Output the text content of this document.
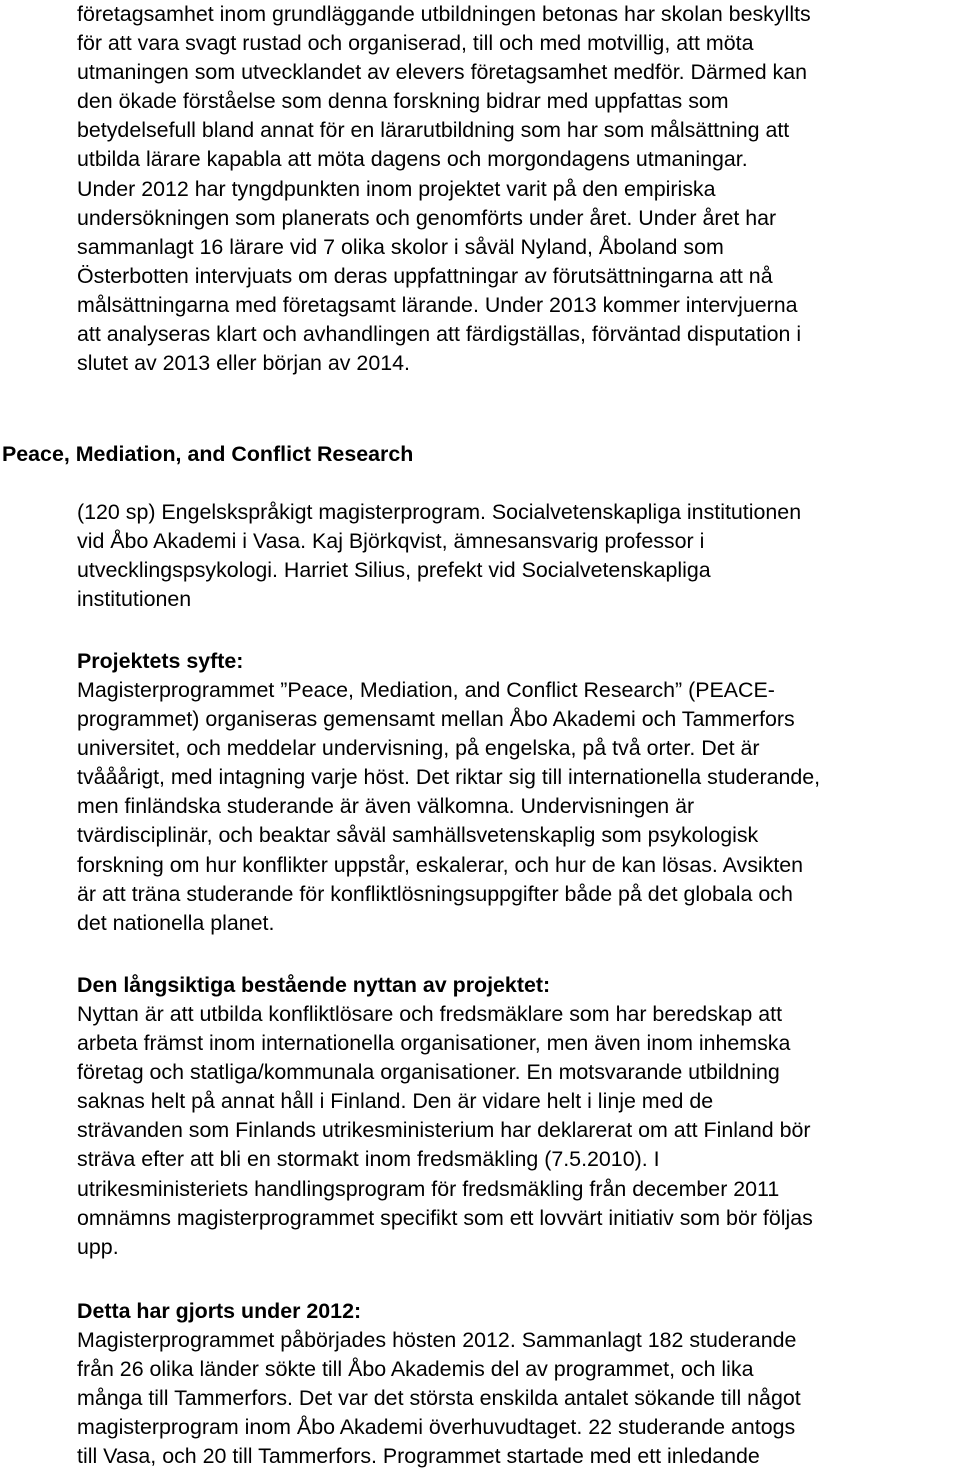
företagsamhet inom grundläggande utbildningen betonas har skolan beskyllts
för att vara svagt rustad och organiserad, till och med motvillig, att möta
utmaningen som utvecklandet av elevers företagsamhet medför. Därmed kan
den ökade förståelse som denna forskning bidrar med uppfattas som
betydelsefull bland annat för en lärarutbildning som har som målsättning att
utbilda lärare kapabla att möta dagens och morgondagens utmaningar.
Under 2012 har tyngdpunkten inom projektet varit på den empiriska
undersökningen som planerats och genomförts under året. Under året har
sammanlagt 16 lärare vid 7 olika skolor i såväl Nyland, Åboland som
Österbotten intervjuats om deras uppfattningar av förutsättningarna att nå
målsättningarna med företagsamt lärande. Under 2013 kommer intervjuerna
att analyseras klart och avhandlingen att färdigställas, förväntad disputation i
slutet av 2013 eller början av 2014.
Peace, Mediation, and Conflict Research
(120 sp) Engelskspråkigt magisterprogram. Socialvetenskapliga institutionen
vid Åbo Akademi i Vasa. Kaj Björkqvist, ämnesansvarig professor i
utvecklingspsykologi. Harriet Silius, prefekt vid Socialvetenskapliga
institutionen
Projektets syfte:
Magisterprogrammet ”Peace, Mediation, and Conflict Research” (PEACE-
programmet) organiseras gemensamt mellan Åbo Akademi och Tammerfors
universitet, och meddelar undervisning, på engelska, på två orter. Det är
tvååårigt, med intagning varje höst. Det riktar sig till internationella studerande,
men finländska studerande är även välkomna. Undervisningen är
tvärdisciplinär, och beaktar såväl samhällsvetenskaplig som psykologisk
forskning om hur konflikter uppstår, eskalerar, och hur de kan lösas. Avsikten
är att träna studerande för konfliktlösningsuppgifter både på det globala och
det nationella planet.
Den långsiktiga bestående nyttan av projektet:
Nyttan är att utbilda konfliktlösare och fredsmäklare som har beredskap att
arbeta främst inom internationella organisationer, men även inom inhemska
företag och statliga/kommunala organisationer. En motsvarande utbildning
saknas helt på annat håll i Finland. Den är vidare helt i linje med de
strävanden som Finlands utrikesministerium har deklarerat om att Finland bör
sträva efter att bli en stormakt inom fredsmäkling (7.5.2010). I
utrikesministeriets handlingsprogram för fredsmäkling från december 2011
omnämns magisterprogrammet specifikt som ett lovvärt initiativ som bör följas
upp.
Detta har gjorts under 2012:
Magisterprogrammet påbörjades hösten 2012. Sammanlagt 182 studerande
från 26 olika länder sökte till Åbo Akademis del av programmet, och lika
många till Tammerfors. Det var det största enskilda antalet sökande till något
magisterprogram inom Åbo Akademi överhuvudtaget. 22 studerande antogs
till Vasa, och 20 till Tammerfors. Programmet startade med ett inledande
